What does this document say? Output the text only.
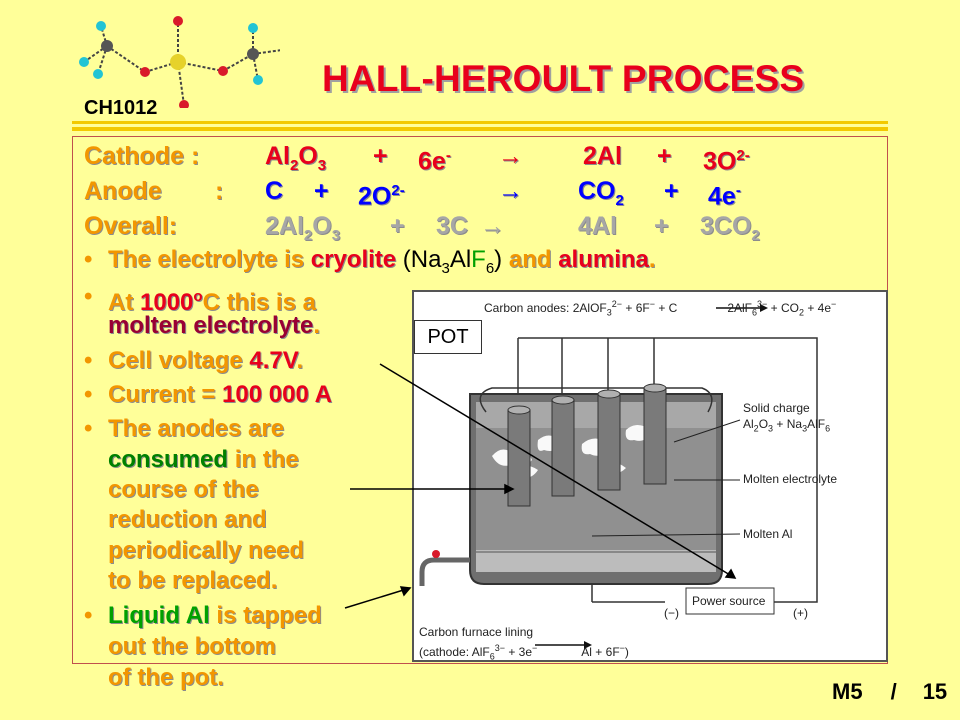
CH1012
HALL-HEROULT PROCESS
Cathode :	$Al_2O_3 + 6e^- \to 2Al + 3O^{2-}$
Anode : $C + 2O^{2-}$	→ $CO_2 + 4e^-$
Overall:	$2Al_2O_3 + 3C$ →	$4Al + 3CO_2$
• The electrolyte is cryolite $(Na_3AlF_6)$ and alumina.
• At 1000$^o$C this is a
molten electrolyte.
• Cell voltage 4.7V.
• Current = 100 000 A
• The anodes are
consumed in the
course of the
reduction and
periodically need
to be replaced.
• Liquid Al is tapped
out the bottom
of the pot.
Carbon anodes: 2AlOF$_3^{2-}$ + 6F− + C	$2AlF_6^{3-} + CO_2 + 4e^-$
Solid charge
$Al_2O_3 + Na_3AlF_6$
Molten electrolyte
Molten Al
Power source
(−)	(+)
Carbon furnace lining
(cathode: AlF$_6^{3-}$ + 3e−	Al + 6F−)
POT
M5 / 15
